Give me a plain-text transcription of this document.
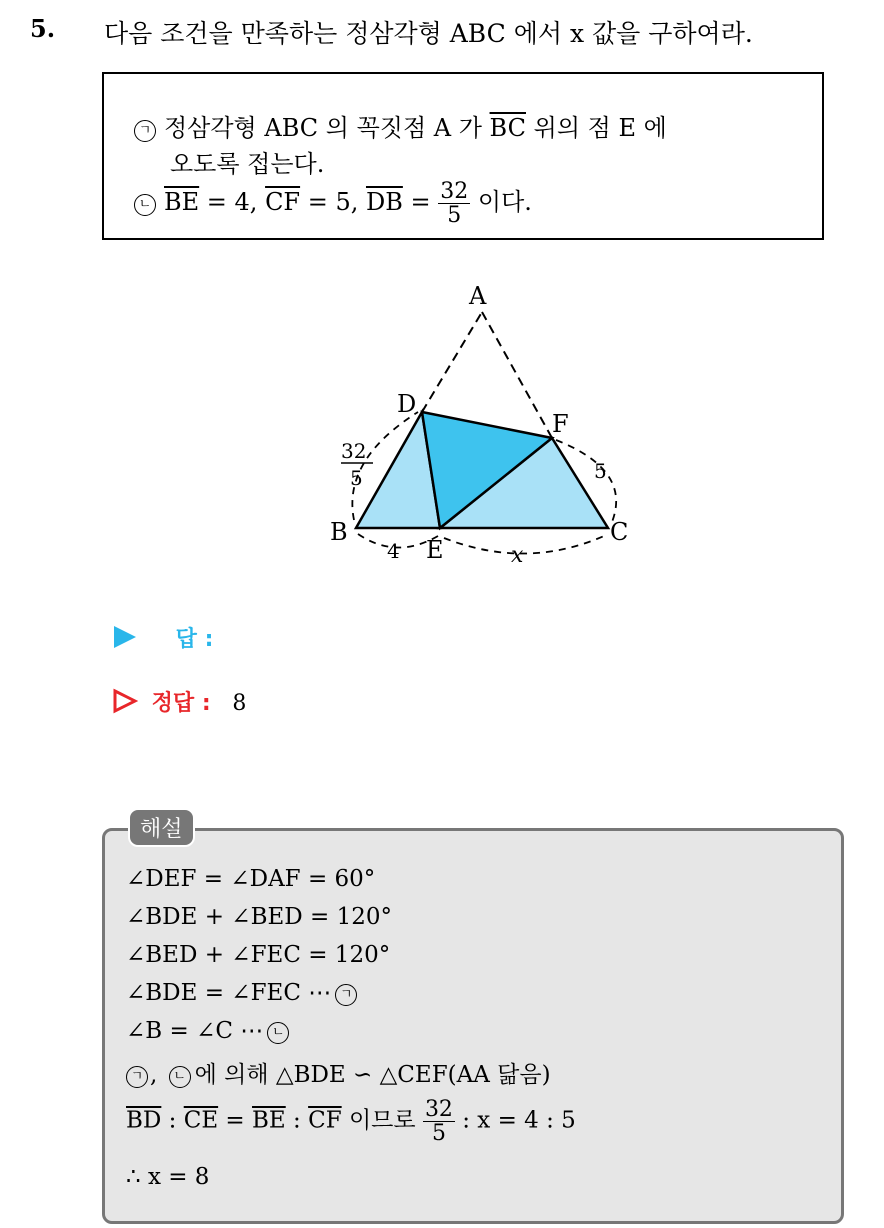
5. 다음 조건을 만족하는 정삼각형 ABC 에서 x 값을 구하여라.
ㄱ 정삼각형 ABC 의 꼭짓점 A 가 $\overline{BC}$ 위의 점 E 에
오도록 접는다.
ㄴ $\overline{BE} = 4$, $\overline{CF} = 5$, $\overline{DB} = \frac{32}{5}$ 이다.
A
B	C
D
E
F
32
5
4	x
5
답 :
정답 : 8
해설
∠DEF = ∠DAF = 60°
∠BDE + ∠BED = 120°
∠BED + ∠FEC = 120°
∠BDE = ∠FEC ⋯ ㄱ
∠B = ∠C ⋯ ㄴ
ㄱ , ㄴ 에 의해 △BDE ∽ △CEF(AA 닮음)
$\overline{BD}$ : $\overline{CE} = \overline{BE}$ : $\overline{CF}$ 이므로 $\frac{32}{5}$ : x = 4 : 5
∴ x = 8
